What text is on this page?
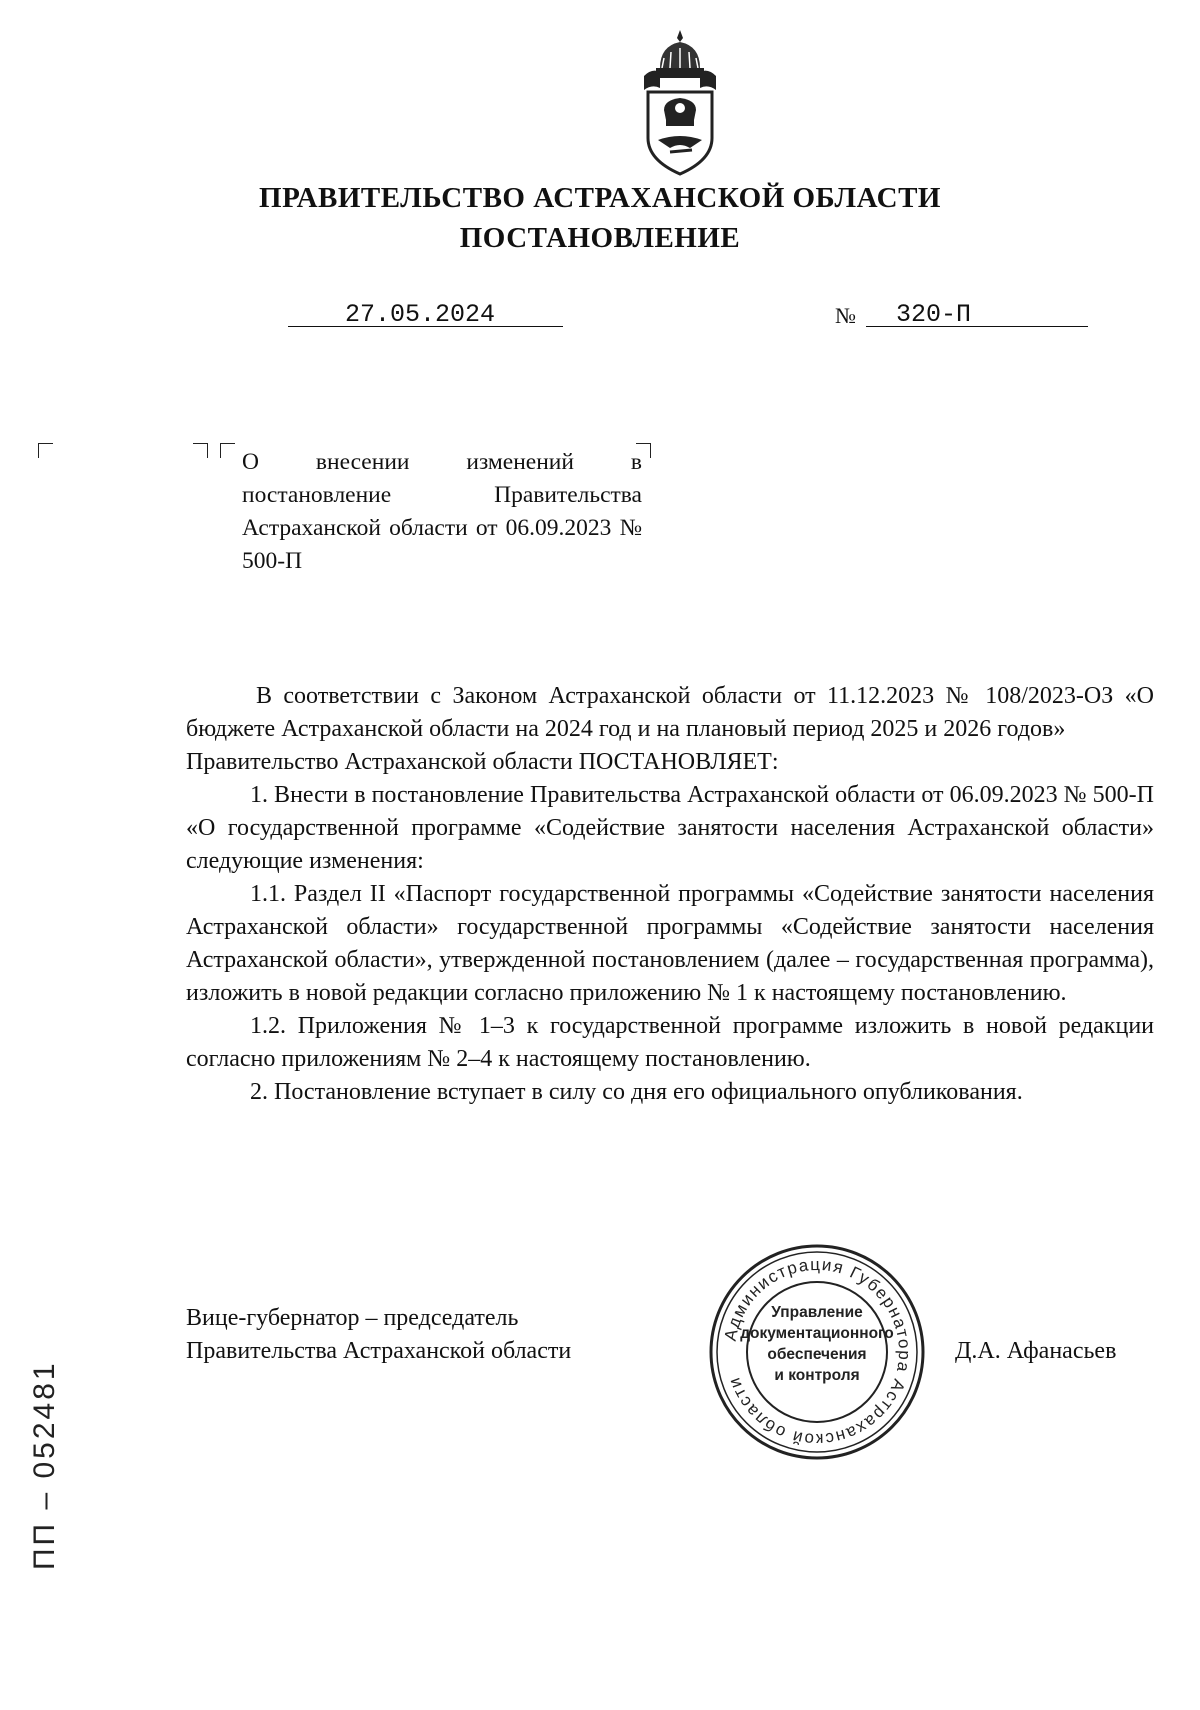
ПРАВИТЕЛЬСТВО АСТРАХАНСКОЙ ОБЛАСТИ
ПОСТАНОВЛЕНИЕ
27.05.2024	№ 320-П
О внесении изменений в постановление Правительства Астраханской области от 06.09.2023 № 500-П

В соответствии с Законом Астраханской области от 11.12.2023 № 108/2023-ОЗ «О бюджете Астраханской области на 2024 год и на плановый период 2025 и 2026 годов»

Правительство Астраханской области ПОСТАНОВЛЯЕТ:

1. Внести в постановление Правительства Астраханской области от 06.09.2023 № 500-П «О государственной программе «Содействие занятости населения Астраханской области» следующие изменения:

1.1. Раздел II «Паспорт государственной программы «Содействие занятости населения Астраханской области» государственной программы «Содействие занятости населения Астраханской области», утвержденной постановлением (далее – государственная программа), изложить в новой редакции согласно приложению № 1 к настоящему постановлению.

1.2. Приложения № 1–3 к государственной программе изложить в новой редакции согласно приложениям № 2–4 к настоящему постановлению.

2. Постановление вступает в силу со дня его официального опубликования.

Вице-губернатор – председатель
Правительства Астраханской области
Администрация Губернатора Астраханской области
Управление
документационного
обеспечения
и контроля
Д.А. Афанасьев
ПП – 052481
